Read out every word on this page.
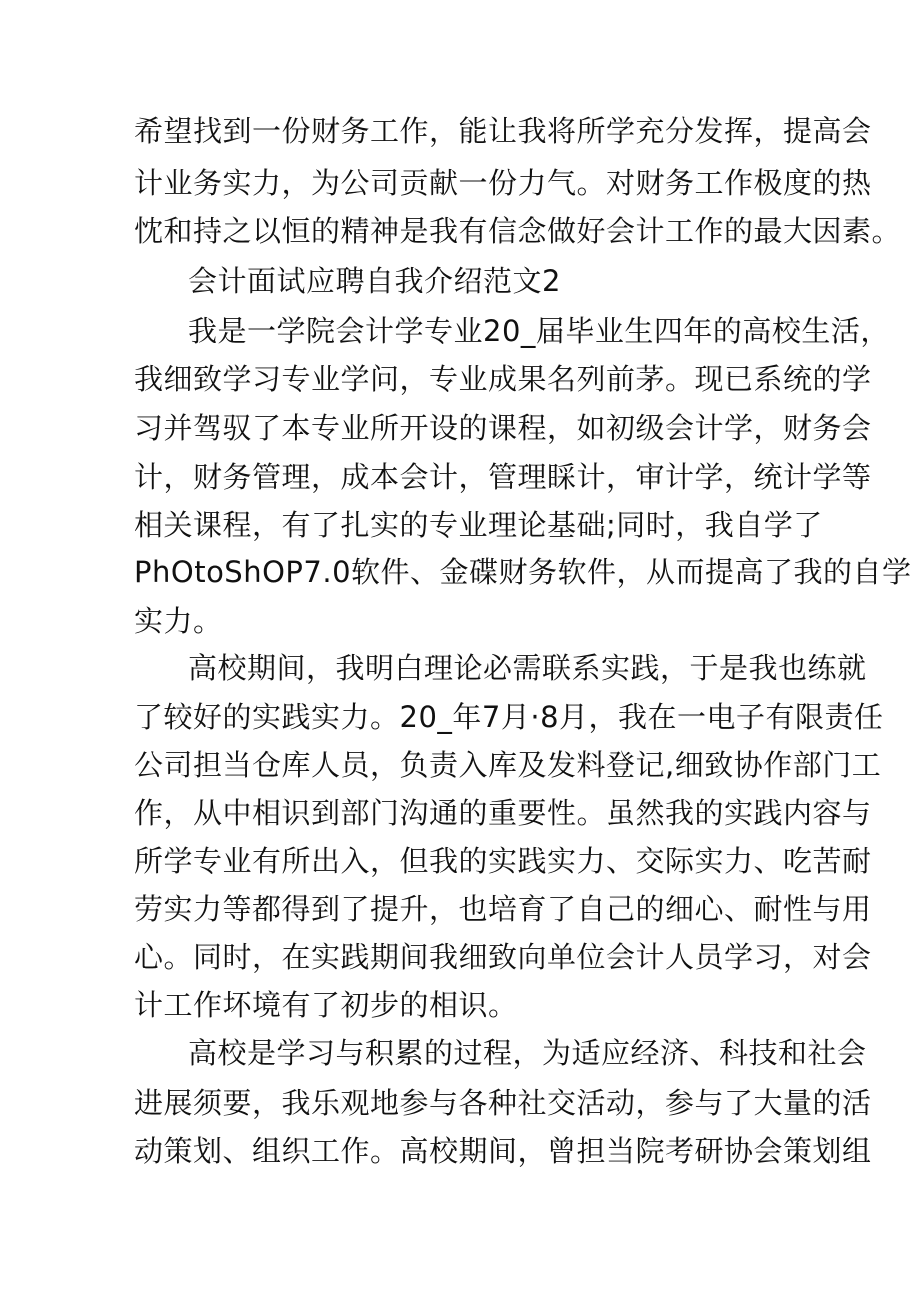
希望找到一份财务工作，能让我将所学充分发挥，提高会
计业务实力，为公司贡献一份力气。对财务工作极度的热
忱和持之以恒的精神是我有信念做好会计工作的最大因素。
会计面试应聘自我介绍范文2
我是一学院会计学专业20_届毕业生四年的高校生活，
我细致学习专业学问，专业成果名列前茅。现已系统的学
习并驾驭了本专业所开设的课程，如初级会计学，财务会
计，财务管理，成本会计，管理睬计，审计学，统计学等
相关课程，有了扎实的专业理论基础;同时，我自学了
PhOtoShOP7.0软件、金碟财务软件，从而提高了我的自学
实力。
高校期间，我明白理论必需联系实践，于是我也练就
了较好的实践实力。20_年7月·8月，我在一电子有限责任
公司担当仓库人员，负责入库及发料登记,细致协作部门工
作，从中相识到部门沟通的重要性。虽然我的实践内容与
所学专业有所出入，但我的实践实力、交际实力、吃苦耐
劳实力等都得到了提升，也培育了自己的细心、耐性与用
心。同时，在实践期间我细致向单位会计人员学习，对会
计工作坏境有了初步的相识。
高校是学习与积累的过程，为适应经济、科技和社会
进展须要，我乐观地参与各种社交活动，参与了大量的活
动策划、组织工作。高校期间，曾担当院考研协会策划组
